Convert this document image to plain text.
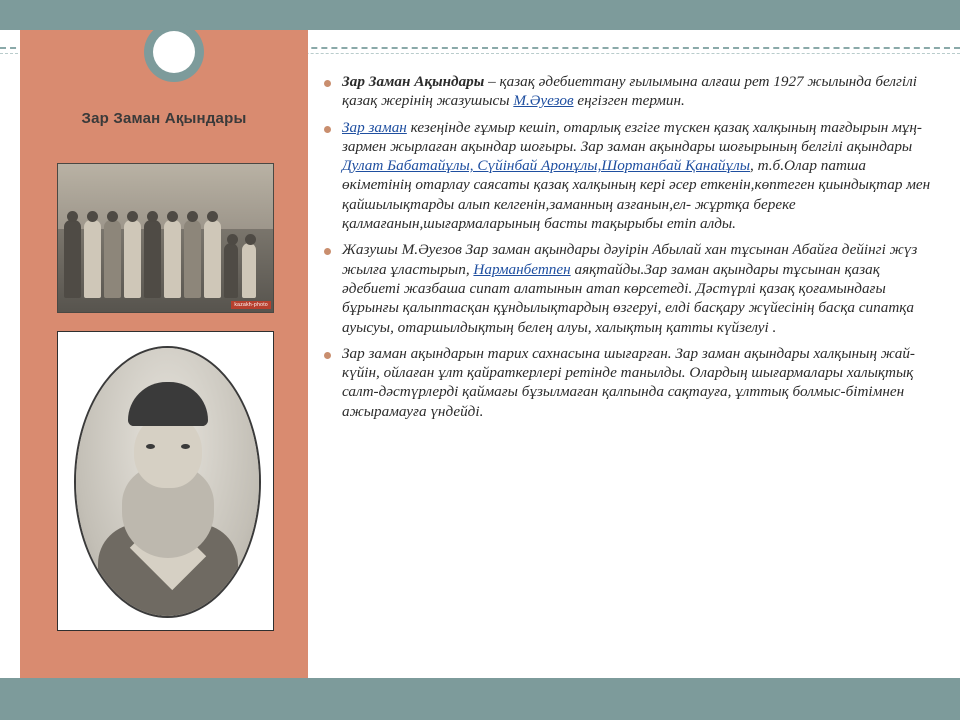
Зар Заман Ақындары
kazakh-photo
Зар Заман Ақындары – қазақ әдебиеттану ғылымына алғаш рет 1927 жылында белгілі қазақ жерінің жазушысы М.Әуезов еңгізген термин.
Зар заман кезеңінде ғұмыр кешіп, отарлық езгіге түскен қазақ халқының тағдырын мұң-зармен жырлаған ақындар шоғыры. Зар заман ақындары шоғырының белгілі ақындары Дулат Бабатайұлы, Сүйінбай Аронұлы,Шортанбай Қанайұлы, т.б.Олар патша өкіметінің отарлау саясаты қазақ халқының кері әсер еткенін,көптеген қиындықтар мен қайшылықтарды алып келгенін,заманның азғанын,ел- жұртқа береке қалмағанын,шығармаларының басты тақырыбы етіп алды.
Жазушы М.Әуезов Зар заман ақындары дәуірін Абылай хан тұсынан Абайға дейінгі жүз жылға ұластырып, Нарманбетпен аяқтайды.Зар заман ақындары тұсынан қазақ әдебиеті жазбаша сипат алатынын атап көрсетеді. Дәстүрлі қазақ қоғамындағы бұрынғы қалыптасқан құндылықтардың өзгеруі, елді басқару жүйесінің басқа сипатқа ауысуы, отаршылдықтың белең алуы, халықтың қатты күйзелуі .
Зар заман ақындарын тарих сахнасына шығарған. Зар заман ақындары халқының жай-күйін, ойлаған ұлт қайраткерлері ретінде танылды. Олардың шығармалары халықтық салт-дәстүрлерді қаймағы бұзылмаған қалпында сақтауға, ұлттық болмыс-бітімнен ажырамауға үндейді.
